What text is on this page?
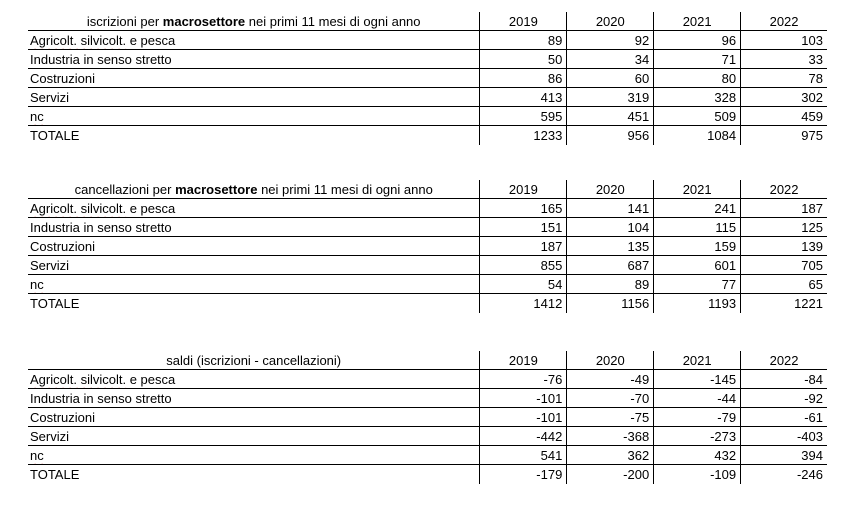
iscrizioni per macrosettore nei primi 11 mesi di ogni anno	2019	2020	2021	2022
Agricolt. silvicolt. e pesca	89	92	96	103
Industria in senso stretto	50	34	71	33
Costruzioni	86	60	80	78
Servizi	413	319	328	302
nc	595	451	509	459
TOTALE	1233	956	1084	975
cancellazioni per macrosettore nei primi 11 mesi di ogni anno	2019	2020	2021	2022
Agricolt. silvicolt. e pesca	165	141	241	187
Industria in senso stretto	151	104	115	125
Costruzioni	187	135	159	139
Servizi	855	687	601	705
nc	54	89	77	65
TOTALE	1412	1156	1193	1221
saldi (iscrizioni - cancellazioni)	2019	2020	2021	2022
Agricolt. silvicolt. e pesca	-76	-49	-145	-84
Industria in senso stretto	-101	-70	-44	-92
Costruzioni	-101	-75	-79	-61
Servizi	-442	-368	-273	-403
nc	541	362	432	394
TOTALE	-179	-200	-109	-246
